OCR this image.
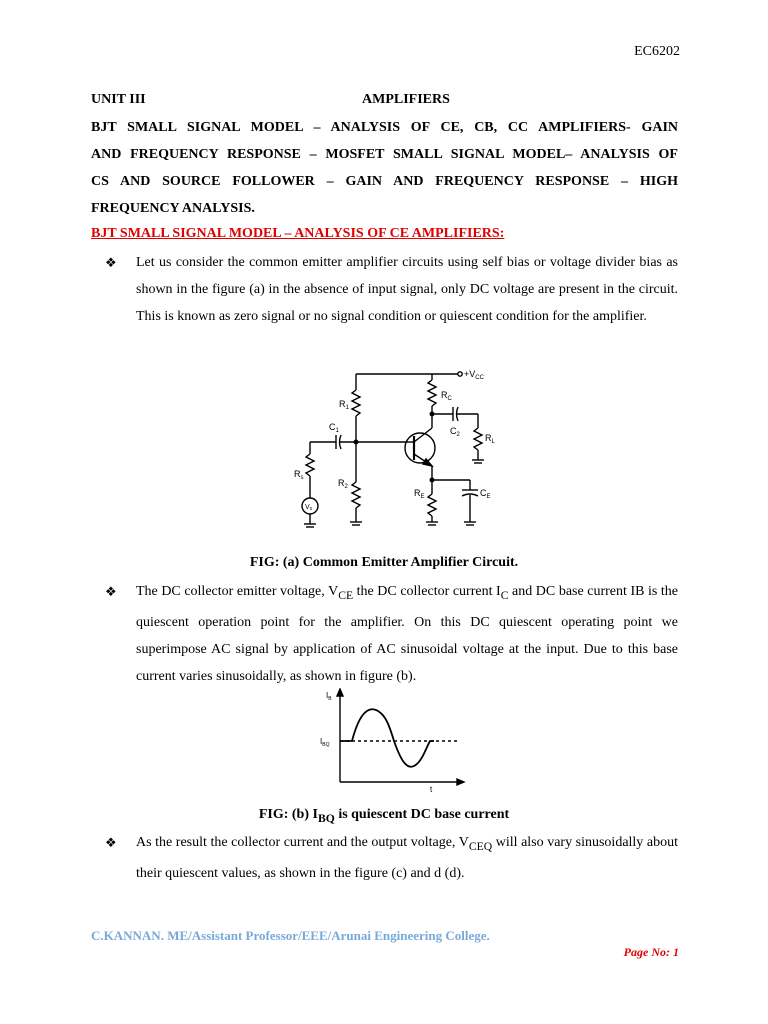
EC6202
UNIT III	AMPLIFIERS
BJT SMALL SIGNAL MODEL – ANALYSIS OF CE, CB, CC AMPLIFIERS- GAIN
AND FREQUENCY RESPONSE – MOSFET SMALL SIGNAL MODEL– ANALYSIS OF
CS AND SOURCE FOLLOWER – GAIN AND FREQUENCY RESPONSE – HIGH
FREQUENCY ANALYSIS.
BJT SMALL SIGNAL MODEL – ANALYSIS OF CE AMPLIFIERS:
❖ Let us consider the common emitter amplifier circuits using self bias or voltage divider bias as shown in the figure (a) in the absence of input signal, only DC voltage are present in the circuit. This is known as zero signal or no signal condition or quiescent condition for the amplifier.
$+V_{CC}$
$R_1$
$R_C$
$C_1$	$C_2$	$R_L$
$R_s$	$R_2$
$R_E$	$C_E$
Vs
FIG: (a) Common Emitter Amplifier Circuit.
❖ The DC collector emitter voltage, $V_{CE}$ the DC collector current $I_C$ and DC base current IB is the quiescent operation point for the amplifier. On this DC quiescent operating point we superimpose AC signal by application of AC sinusoidal voltage at the input. Due to this base current varies sinusoidally, as shown in figure (b).
$I_B$
$I_{BQ}$
t
FIG: (b) $I_{BQ}$ is quiescent DC base current
❖ As the result the collector current and the output voltage, $V_{CEQ}$ will also vary sinusoidally about their quiescent values, as shown in the figure (c) and d (d).
C.KANNAN. ME/Assistant Professor/EEE/Arunai Engineering College.
Page No: 1
